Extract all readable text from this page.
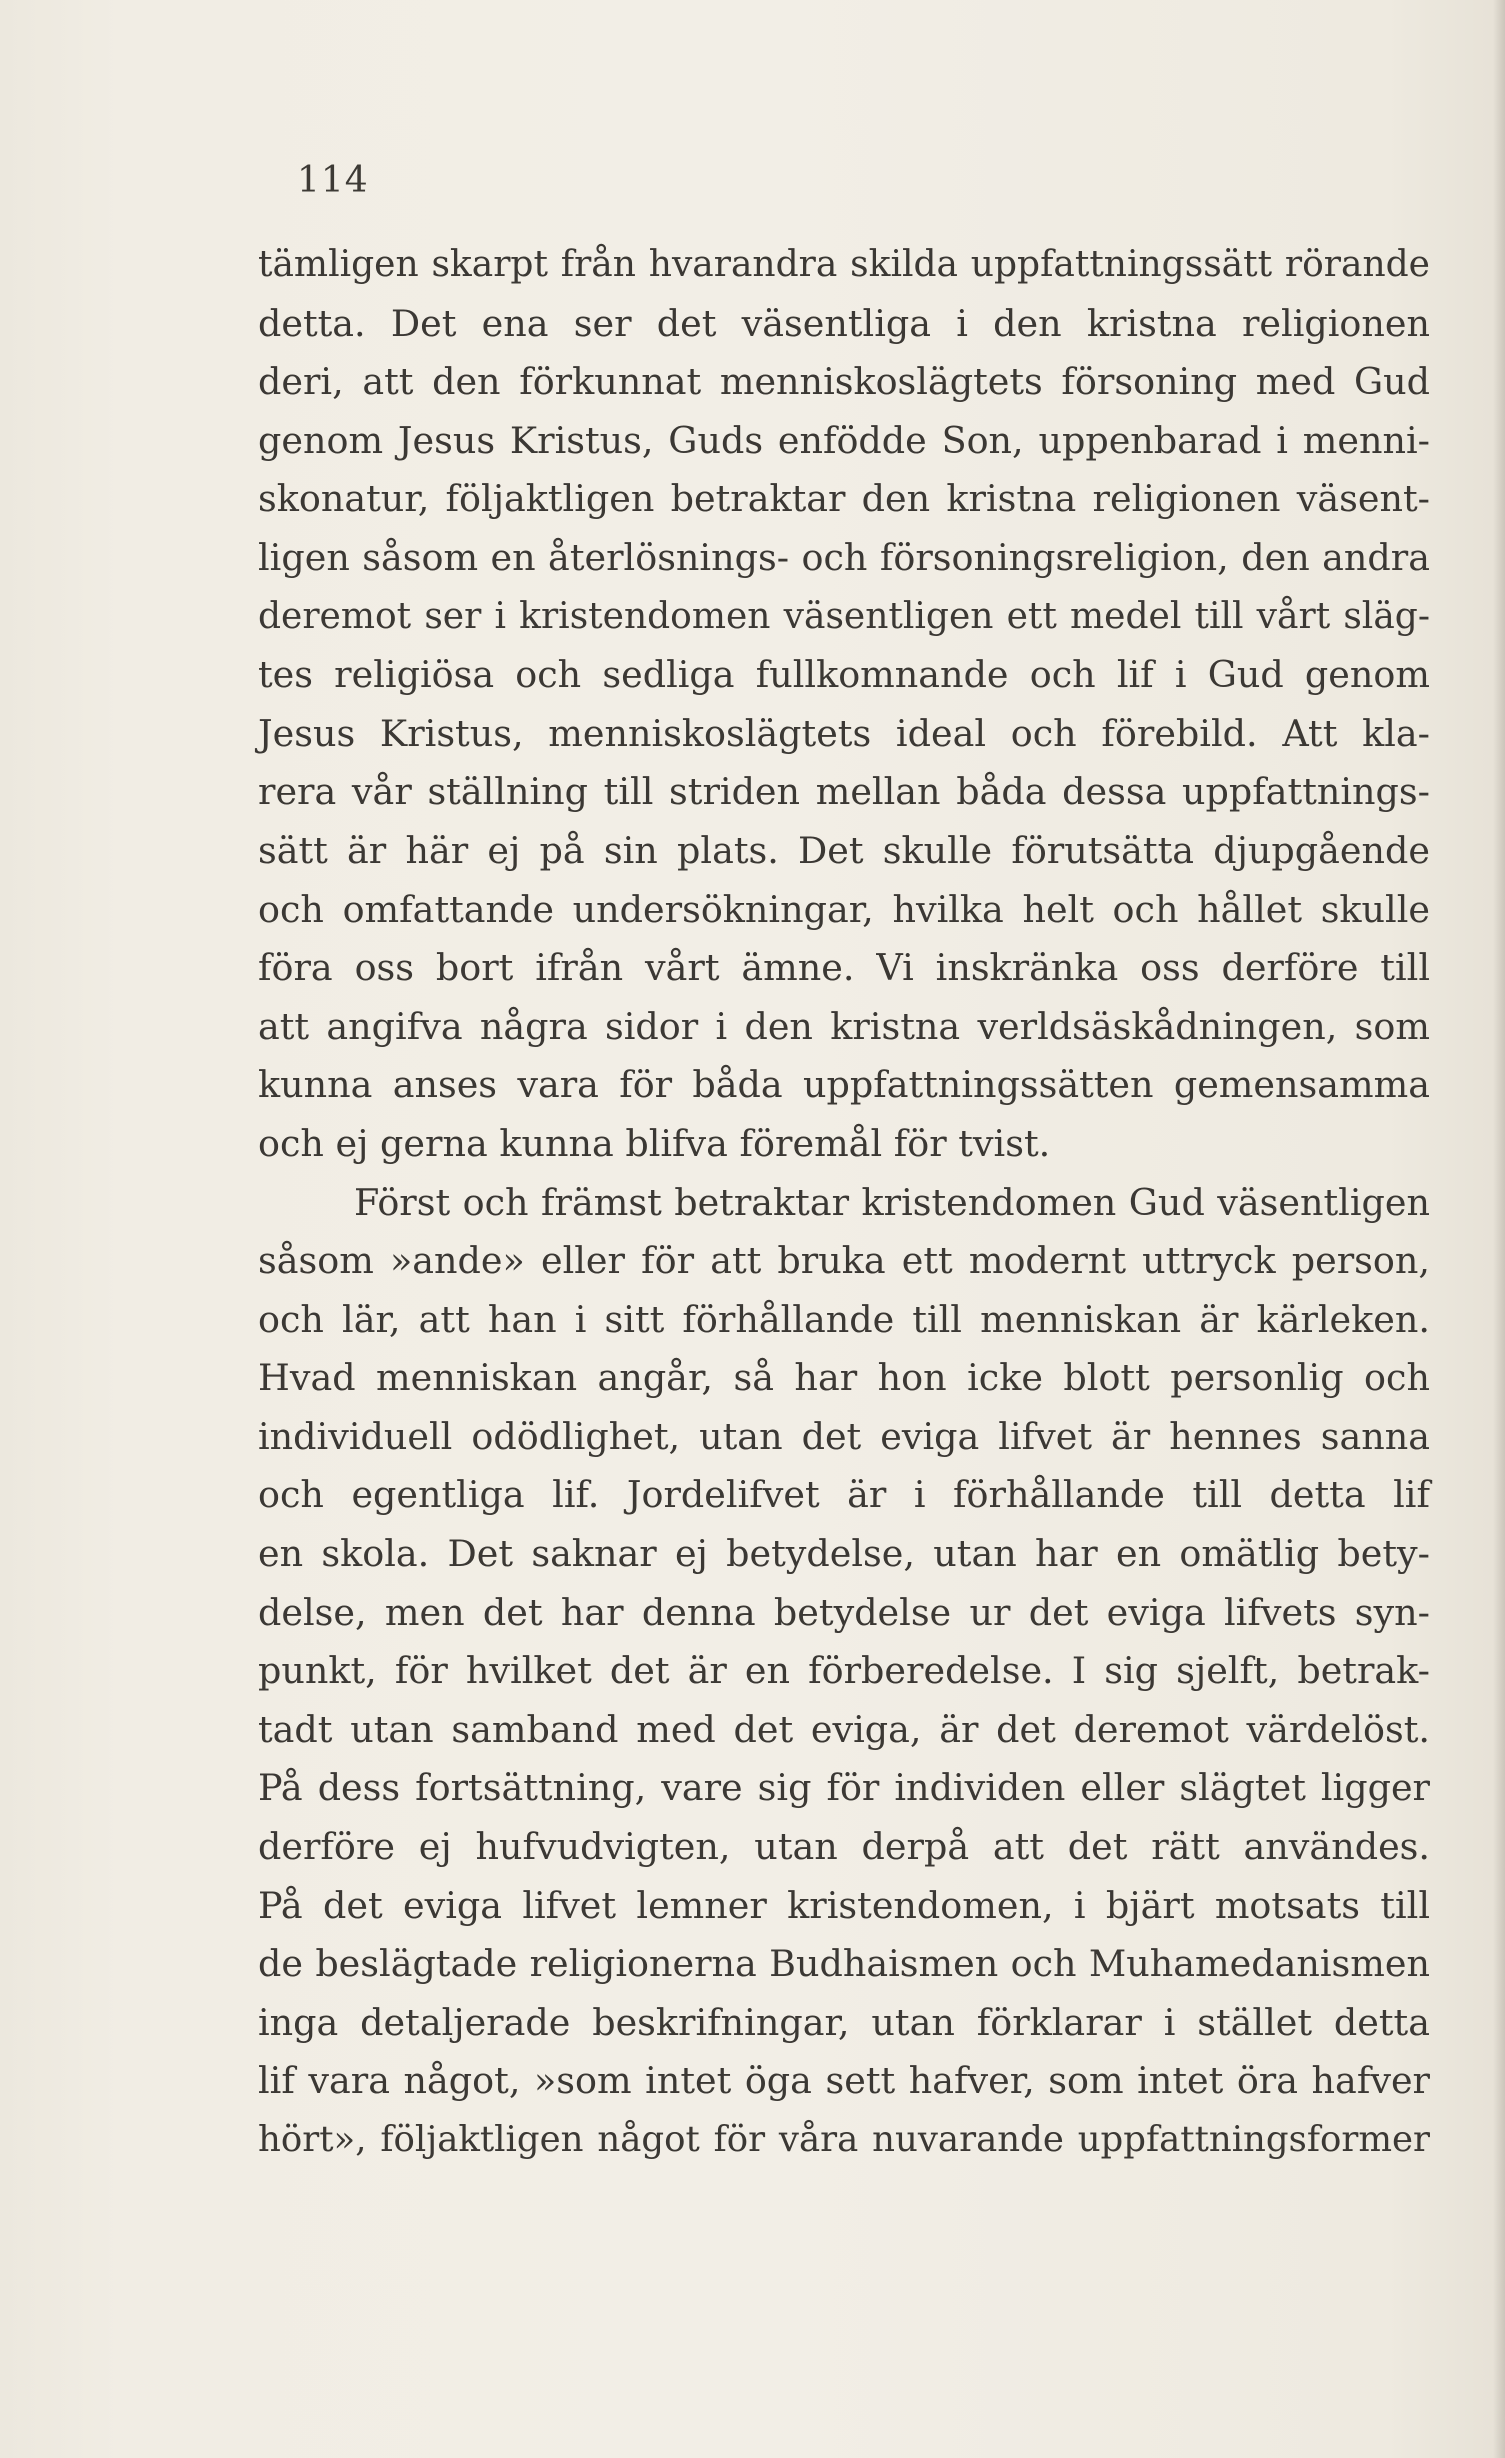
114
tämligen skarpt från hvarandra skilda uppfattningssätt rörande
detta. Det ena ser det väsentliga i den kristna religionen
deri, att den förkunnat menniskoslägtets försoning med Gud
genom Jesus Kristus, Guds enfödde Son, uppenbarad i menni-
skonatur, följaktligen betraktar den kristna religionen väsent-
ligen såsom en återlösnings- och försoningsreligion, den andra
deremot ser i kristendomen väsentligen ett medel till vårt släg-
tes religiösa och sedliga fullkomnande och lif i Gud genom
Jesus Kristus, menniskoslägtets ideal och förebild. Att kla-
rera vår ställning till striden mellan båda dessa uppfattnings-
sätt är här ej på sin plats. Det skulle förutsätta djupgående
och omfattande undersökningar, hvilka helt och hållet skulle
föra oss bort ifrån vårt ämne. Vi inskränka oss derföre till
att angifva några sidor i den kristna verldsäskådningen, som
kunna anses vara för båda uppfattningssätten gemensamma
och ej gerna kunna blifva föremål för tvist.
Först och främst betraktar kristendomen Gud väsentligen
såsom »ande» eller för att bruka ett modernt uttryck person,
och lär, att han i sitt förhållande till menniskan är kärleken.
Hvad menniskan angår, så har hon icke blott personlig och
individuell odödlighet, utan det eviga lifvet är hennes sanna
och egentliga lif. Jordelifvet är i förhållande till detta lif
en skola. Det saknar ej betydelse, utan har en omätlig bety-
delse, men det har denna betydelse ur det eviga lifvets syn-
punkt, för hvilket det är en förberedelse. I sig sjelft, betrak-
tadt utan samband med det eviga, är det deremot värdelöst.
På dess fortsättning, vare sig för individen eller slägtet ligger
derföre ej hufvudvigten, utan derpå att det rätt användes.
På det eviga lifvet lemner kristendomen, i bjärt motsats till
de beslägtade religionerna Budhaismen och Muhamedanismen
inga detaljerade beskrifningar, utan förklarar i stället detta
lif vara något, »som intet öga sett hafver, som intet öra hafver
hört», följaktligen något för våra nuvarande uppfattningsformer
